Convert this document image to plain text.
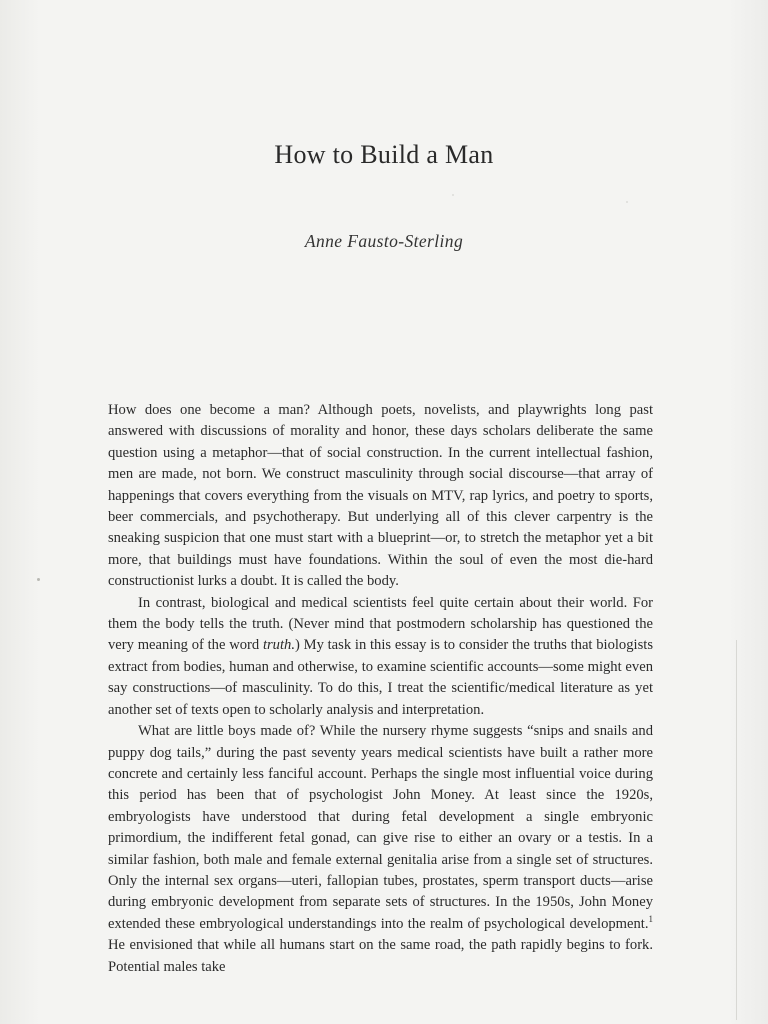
How to Build a Man
Anne Fausto-Sterling

How does one become a man? Although poets, novelists, and playwrights long past answered with discussions of morality and honor, these days scholars deliberate the same question using a metaphor—that of social construction. In the current intellectual fashion, men are made, not born. We construct masculinity through social discourse—that array of happenings that covers everything from the visuals on MTV, rap lyrics, and poetry to sports, beer commercials, and psychotherapy. But underlying all of this clever carpentry is the sneaking suspicion that one must start with a blueprint—or, to stretch the metaphor yet a bit more, that buildings must have foundations. Within the soul of even the most die-hard constructionist lurks a doubt. It is called the body.

In contrast, biological and medical scientists feel quite certain about their world. For them the body tells the truth. (Never mind that postmodern scholarship has questioned the very meaning of the word truth.) My task in this essay is to consider the truths that biologists extract from bodies, human and otherwise, to examine scientific accounts—some might even say constructions—of masculinity. To do this, I treat the scientific/medical literature as yet another set of texts open to scholarly analysis and interpretation.

What are little boys made of? While the nursery rhyme suggests “snips and snails and puppy dog tails,” during the past seventy years medical scientists have built a rather more concrete and certainly less fanciful account. Perhaps the single most influential voice during this period has been that of psychologist John Money. At least since the 1920s, embryologists have understood that during fetal development a single embryonic primordium, the indifferent fetal gonad, can give rise to either an ovary or a testis. In a similar fashion, both male and female external genitalia arise from a single set of structures. Only the internal sex organs—uteri, fallopian tubes, prostates, sperm transport ducts—arise during embryonic development from separate sets of structures. In the 1950s, John Money extended these embryological understandings into the realm of psychological development.$^1$ He envisioned that while all humans start on the same road, the path rapidly begins to fork. Potential males take
